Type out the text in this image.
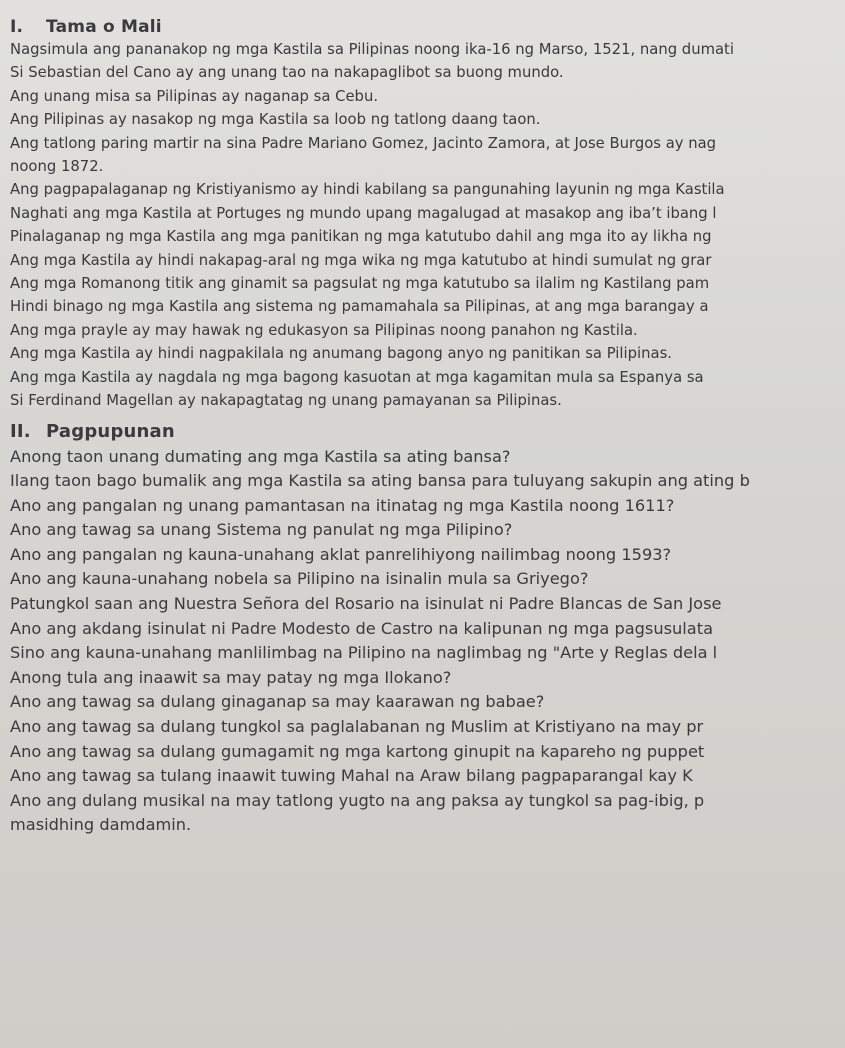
I. Tama o Mali
Nagsimula ang pananakop ng mga Kastila sa Pilipinas noong ika-16 ng Marso, 1521, nang dumati
Si Sebastian del Cano ay ang unang tao na nakapaglibot sa buong mundo.
Ang unang misa sa Pilipinas ay naganap sa Cebu.
Ang Pilipinas ay nasakop ng mga Kastila sa loob ng tatlong daang taon.
Ang tatlong paring martir na sina Padre Mariano Gomez, Jacinto Zamora, at Jose Burgos ay nag
noong 1872.
Ang pagpapalaganap ng Kristiyanismo ay hindi kabilang sa pangunahing layunin ng mga Kastila
Naghati ang mga Kastila at Portuges ng mundo upang magalugad at masakop ang iba’t ibang l
Pinalaganap ng mga Kastila ang mga panitikan ng mga katutubo dahil ang mga ito ay likha ng
Ang mga Kastila ay hindi nakapag-aral ng mga wika ng mga katutubo at hindi sumulat ng grar
Ang mga Romanong titik ang ginamit sa pagsulat ng mga katutubo sa ilalim ng Kastilang pam
Hindi binago ng mga Kastila ang sistema ng pamamahala sa Pilipinas, at ang mga barangay a
Ang mga prayle ay may hawak ng edukasyon sa Pilipinas noong panahon ng Kastila.
Ang mga Kastila ay hindi nagpakilala ng anumang bagong anyo ng panitikan sa Pilipinas.
Ang mga Kastila ay nagdala ng mga bagong kasuotan at mga kagamitan mula sa Espanya sa
Si Ferdinand Magellan ay nakapagtatag ng unang pamayanan sa Pilipinas.
II. Pagpupunan
Anong taon unang dumating ang mga Kastila sa ating bansa?
Ilang taon bago bumalik ang mga Kastila sa ating bansa para tuluyang sakupin ang ating b
Ano ang pangalan ng unang pamantasan na itinatag ng mga Kastila noong 1611?
Ano ang tawag sa unang Sistema ng panulat ng mga Pilipino?
Ano ang pangalan ng kauna-unahang aklat panrelihiyong nailimbag noong 1593?
Ano ang kauna-unahang nobela sa Pilipino na isinalin mula sa Griyego?
Patungkol saan ang Nuestra Señora del Rosario na isinulat ni Padre Blancas de San Jose
Ano ang akdang isinulat ni Padre Modesto de Castro na kalipunan ng mga pagsusulata
Sino ang kauna-unahang manlilimbag na Pilipino na naglimbag ng "Arte y Reglas dela l
Anong tula ang inaawit sa may patay ng mga Ilokano?
Ano ang tawag sa dulang ginaganap sa may kaarawan ng babae?
Ano ang tawag sa dulang tungkol sa paglalabanan ng Muslim at Kristiyano na may pr
Ano ang tawag sa dulang gumagamit ng mga kartong ginupit na kapareho ng puppet
Ano ang tawag sa tulang inaawit tuwing Mahal na Araw bilang pagpaparangal kay K
Ano ang dulang musikal na may tatlong yugto na ang paksa ay tungkol sa pag-ibig, p
masidhing damdamin.
